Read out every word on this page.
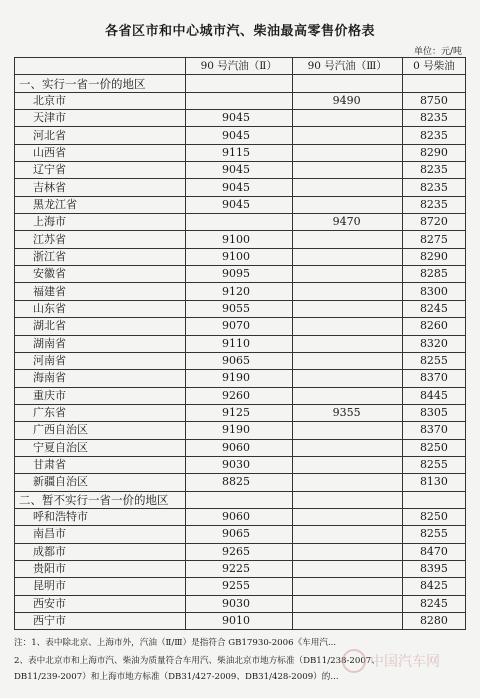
各省区市和中心城市汽、柴油最高零售价格表
单位：元/吨
	90 号汽油（Ⅱ）	90 号汽油（Ⅲ）	0 号柴油
一、实行一省一价的地区			
北京市		9490	8750
天津市	9045		8235
河北省	9045		8235
山西省	9115		8290
辽宁省	9045		8235
吉林省	9045		8235
黑龙江省	9045		8235
上海市		9470	8720
江苏省	9100		8275
浙江省	9100		8290
安徽省	9095		8285
福建省	9120		8300
山东省	9055		8245
湖北省	9070		8260
湖南省	9110		8320
河南省	9065		8255
海南省	9190		8370
重庆市	9260		8445
广东省	9125	9355	8305
广西自治区	9190		8370
宁夏自治区	9060		8250
甘肃省	9030		8255
新疆自治区	8825		8130
二、暂不实行一省一价的地区			
呼和浩特市	9060		8250
南昌市	9065		8255
成都市	9265		8470
贵阳市	9225		8395
昆明市	9255		8425
西安市	9030		8245
西宁市	9010		8280

注：1、表中除北京、上海市外，汽油（Ⅱ/Ⅲ）是指符合 GB17930-2006《车用汽...

2、表中北京市和上海市汽、柴油为质量符合车用汽、柴油北京市地方标准（DB11/238-2007、

DB11/239-2007）和上海市地方标准（DB31/427-2009、DB31/428-2009）的...

中国汽车网
